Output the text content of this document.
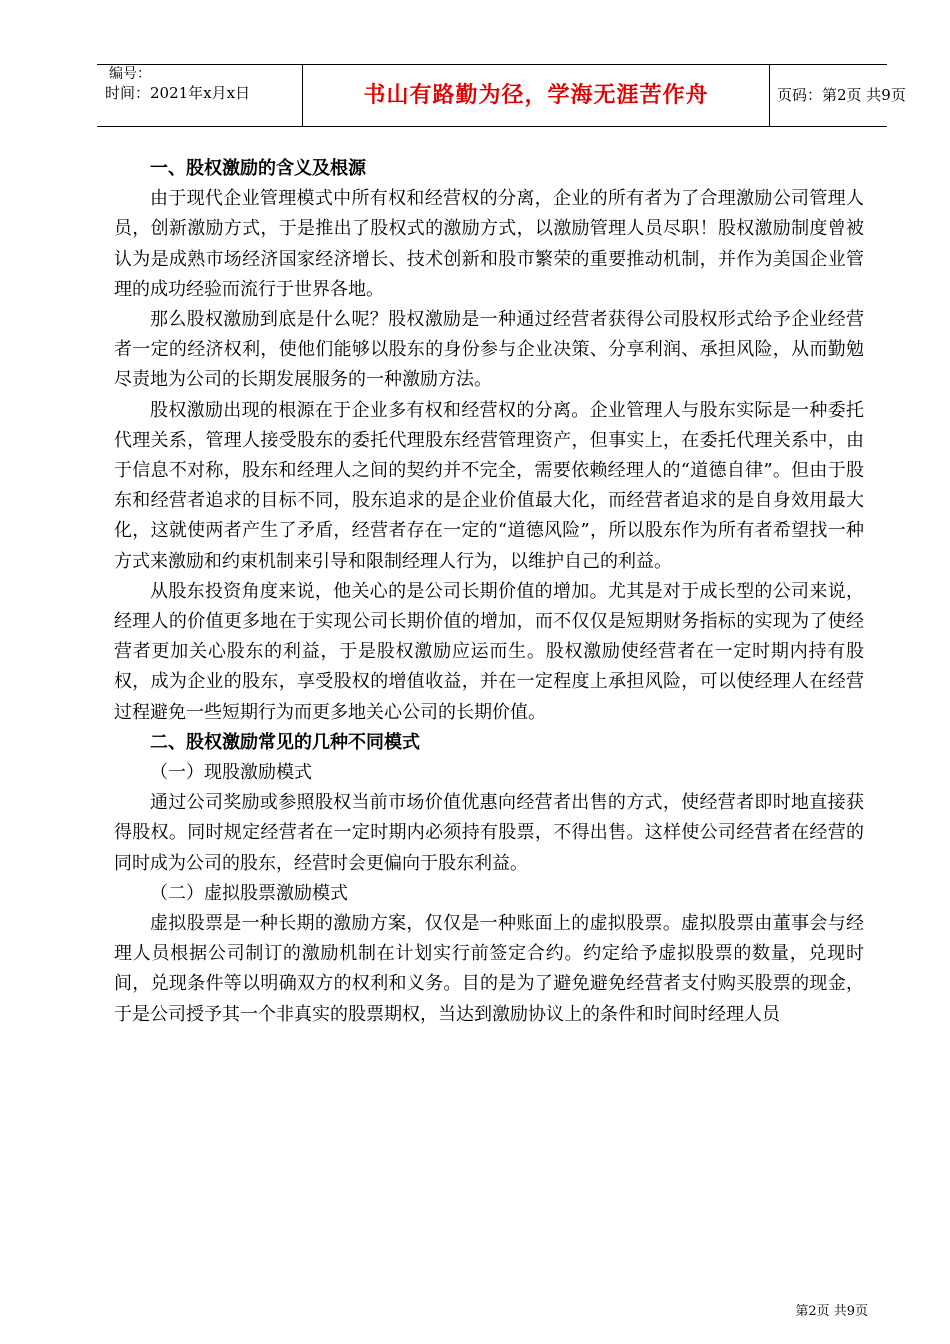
编号：
时间：2021年x月x日	书山有路勤为径，学海无涯苦作舟	页码：第2页 共9页

一、股权激励的含义及根源

由于现代企业管理模式中所有权和经营权的分离，企业的所有者为了合理激励公司管理人员，创新激励方式，于是推出了股权式的激励方式，以激励管理人员尽职！股权激励制度曾被认为是成熟市场经济国家经济增长、技术创新和股市繁荣的重要推动机制，并作为美国企业管理的成功经验而流行于世界各地。

那么股权激励到底是什么呢？股权激励是一种通过经营者获得公司股权形式给予企业经营者一定的经济权利，使他们能够以股东的身份参与企业决策、分享利润、承担风险，从而勤勉尽责地为公司的长期发展服务的一种激励方法。

股权激励出现的根源在于企业多有权和经营权的分离。企业管理人与股东实际是一种委托代理关系，管理人接受股东的委托代理股东经营管理资产，但事实上，在委托代理关系中，由于信息不对称，股东和经理人之间的契约并不完全，需要依赖经理人的“道德自律”。但由于股东和经营者追求的目标不同，股东追求的是企业价值最大化，而经营者追求的是自身效用最大化，这就使两者产生了矛盾，经营者存在一定的“道德风险”，所以股东作为所有者希望找一种方式来激励和约束机制来引导和限制经理人行为，以维护自己的利益。

从股东投资角度来说，他关心的是公司长期价值的增加。尤其是对于成长型的公司来说，经理人的价值更多地在于实现公司长期价值的增加，而不仅仅是短期财务指标的实现为了使经营者更加关心股东的利益，于是股权激励应运而生。股权激励使经营者在一定时期内持有股权，成为企业的股东，享受股权的增值收益，并在一定程度上承担风险，可以使经理人在经营过程避免一些短期行为而更多地关心公司的长期价值。

二、股权激励常见的几种不同模式

（一）现股激励模式

通过公司奖励或参照股权当前市场价值优惠向经营者出售的方式，使经营者即时地直接获得股权。同时规定经营者在一定时期内必须持有股票，不得出售。这样使公司经营者在经营的同时成为公司的股东，经营时会更偏向于股东利益。

（二）虚拟股票激励模式

虚拟股票是一种长期的激励方案，仅仅是一种账面上的虚拟股票。虚拟股票由董事会与经理人员根据公司制订的激励机制在计划实行前签定合约。约定给予虚拟股票的数量，兑现时间，兑现条件等以明确双方的权利和义务。目的是为了避免避免经营者支付购买股票的现金，于是公司授予其一个非真实的股票期权，当达到激励协议上的条件和时间时经理人员

第2页 共9页
